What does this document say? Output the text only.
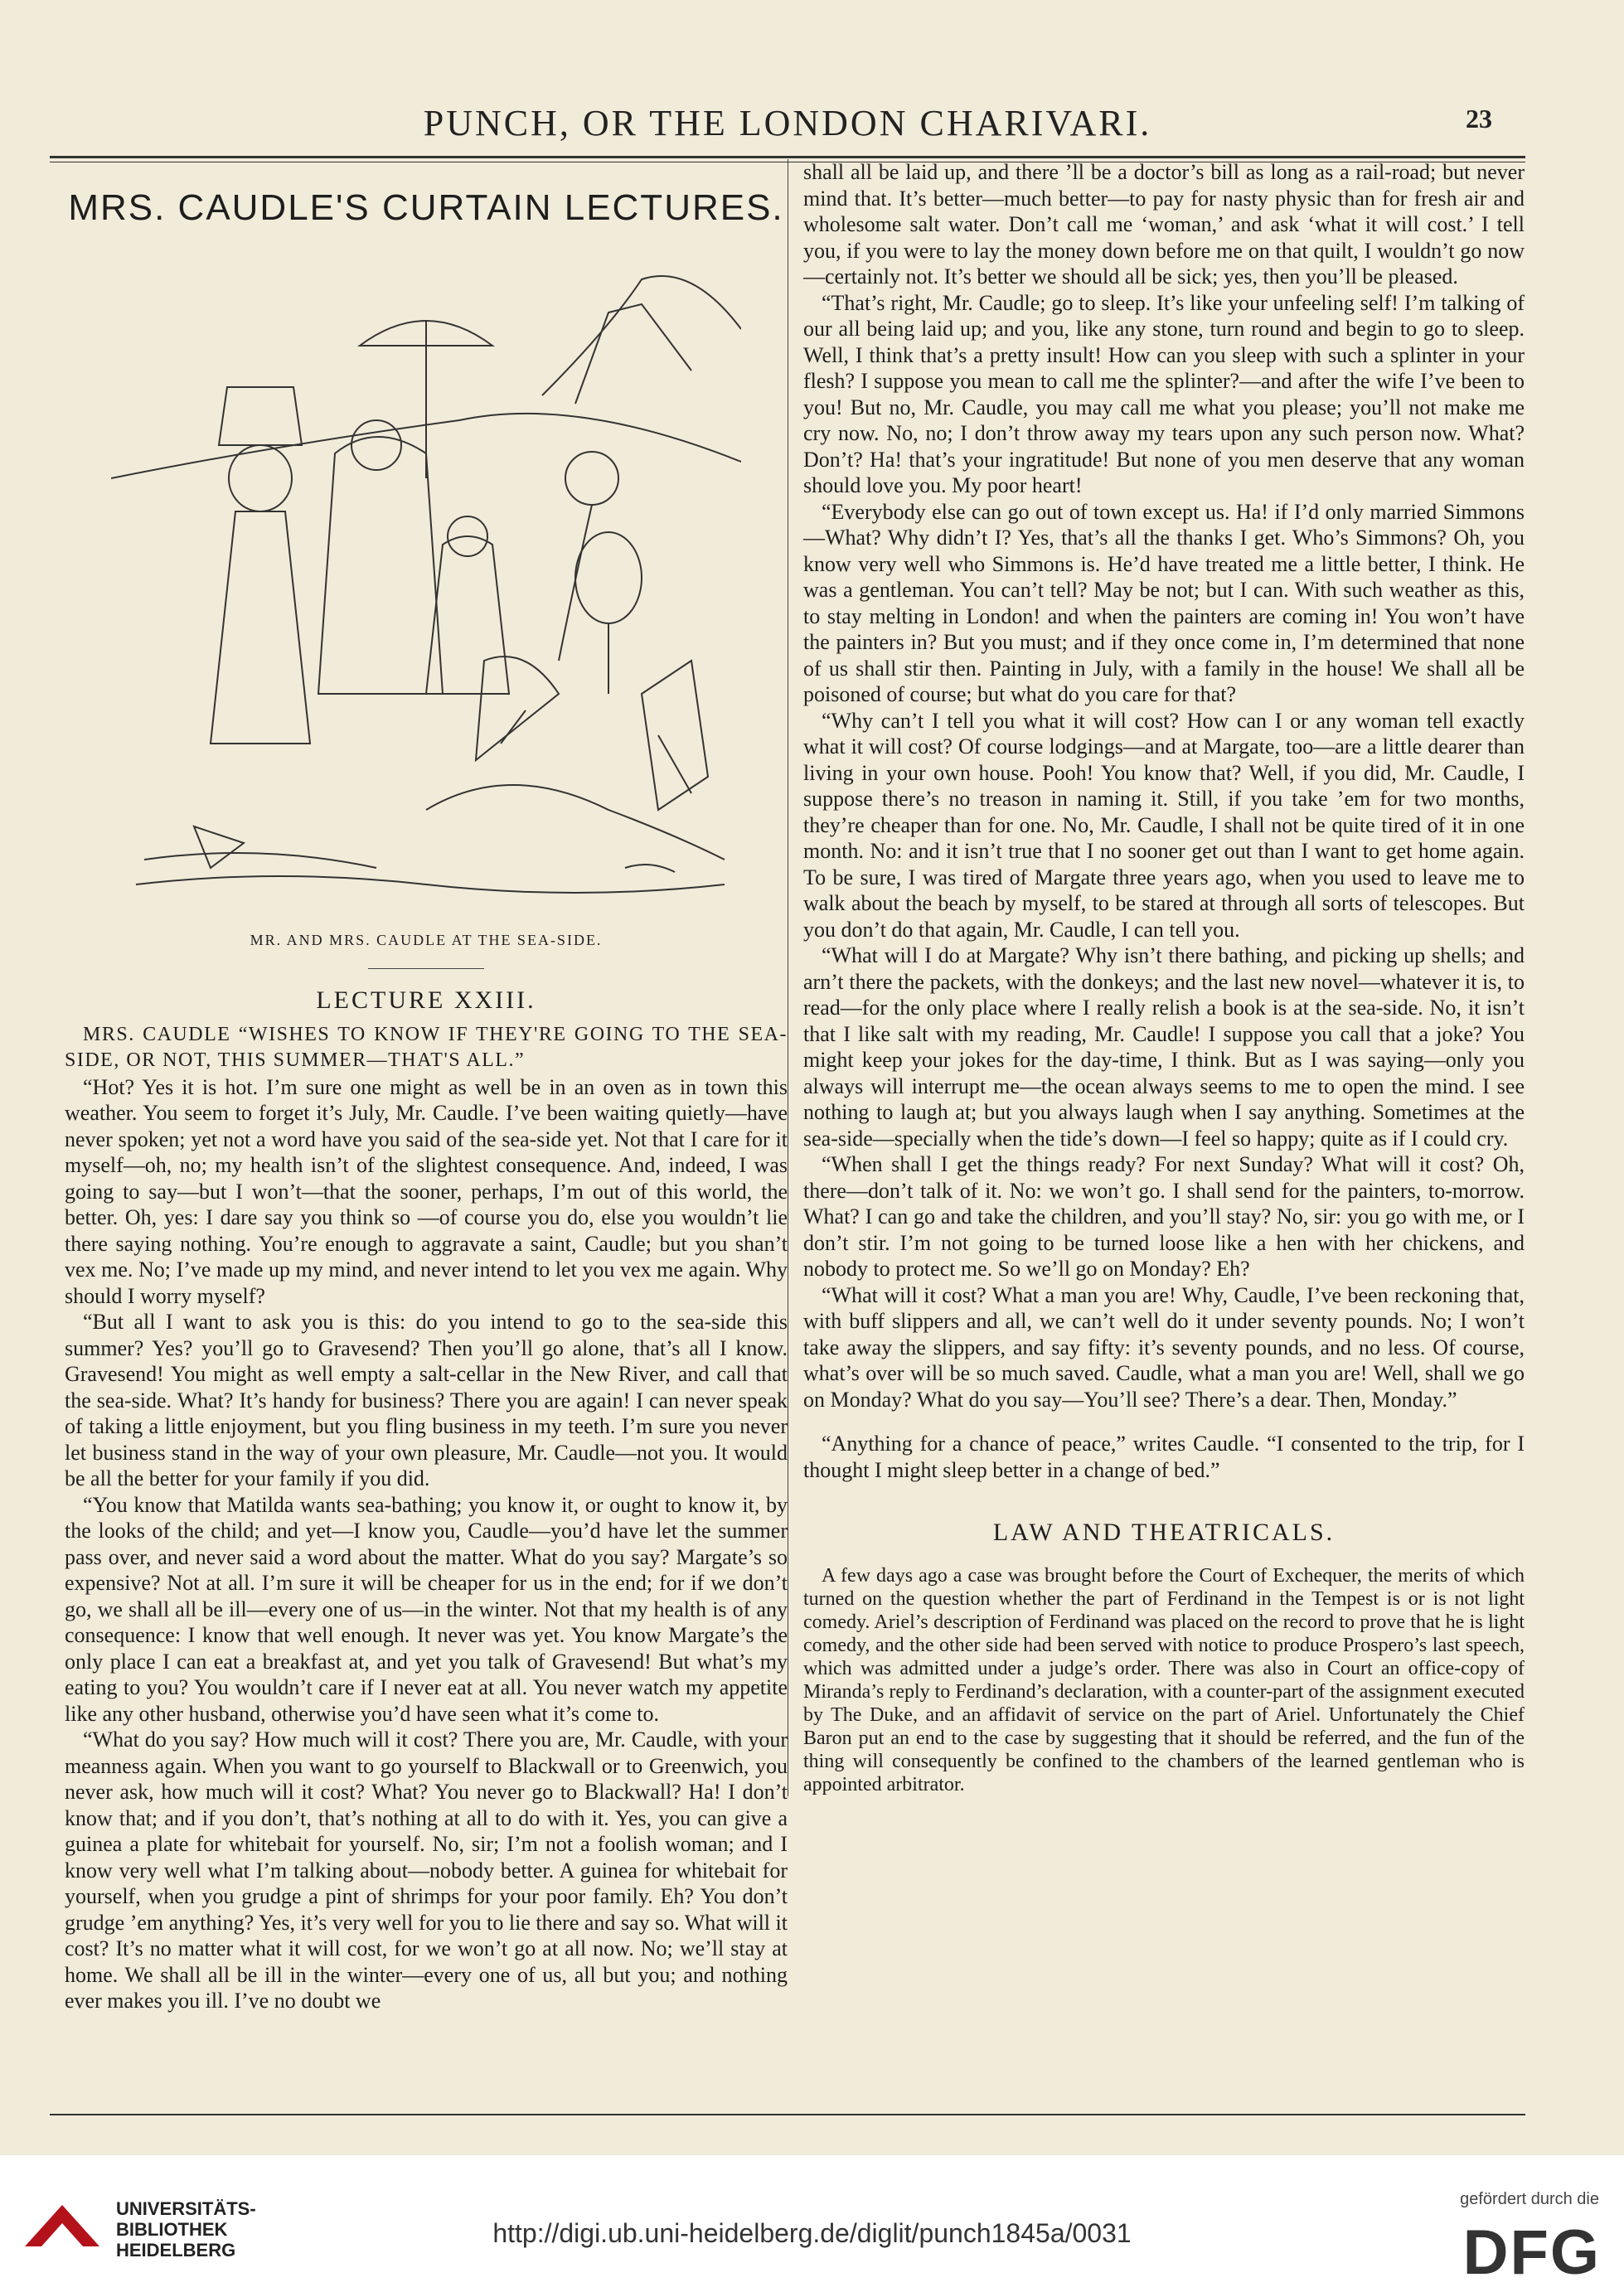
PUNCH, OR THE LONDON CHARIVARI.	23
MRS. CAUDLE'S CURTAIN LECTURES.
MR. AND MRS. CAUDLE AT THE SEA-SIDE.
LECTURE XXIII.

MRS. CAUDLE “WISHES TO KNOW IF THEY'RE GOING TO THE SEA-SIDE, OR NOT, THIS SUMMER—THAT'S ALL.”

“Hot? Yes it is hot. I’m sure one might as well be in an oven as in town this weather. You seem to forget it’s July, Mr. Caudle. I’ve been waiting quietly—have never spoken; yet not a word have you said of the sea-side yet. Not that I care for it myself—oh, no; my health isn’t of the slightest consequence. And, indeed, I was going to say—but I won’t—that the sooner, perhaps, I’m out of this world, the better. Oh, yes: I dare say you think so —of course you do, else you wouldn’t lie there saying nothing. You’re enough to aggravate a saint, Caudle; but you shan’t vex me. No; I’ve made up my mind, and never intend to let you vex me again. Why should I worry myself?

“But all I want to ask you is this: do you intend to go to the sea-side this summer? Yes? you’ll go to Gravesend? Then you’ll go alone, that’s all I know. Gravesend! You might as well empty a salt-cellar in the New River, and call that the sea-side. What? It’s handy for business? There you are again! I can never speak of taking a little enjoyment, but you fling business in my teeth. I’m sure you never let business stand in the way of your own pleasure, Mr. Caudle—not you. It would be all the better for your family if you did.

“You know that Matilda wants sea-bathing; you know it, or ought to know it, by the looks of the child; and yet—I know you, Caudle—you’d have let the summer pass over, and never said a word about the matter. What do you say? Margate’s so expensive? Not at all. I’m sure it will be cheaper for us in the end; for if we don’t go, we shall all be ill—every one of us—in the winter. Not that my health is of any consequence: I know that well enough. It never was yet. You know Margate’s the only place I can eat a breakfast at, and yet you talk of Gravesend! But what’s my eating to you? You wouldn’t care if I never eat at all. You never watch my appetite like any other husband, otherwise you’d have seen what it’s come to.

“What do you say? How much will it cost? There you are, Mr. Caudle, with your meanness again. When you want to go yourself to Blackwall or to Greenwich, you never ask, how much will it cost? What? You never go to Blackwall? Ha! I don’t know that; and if you don’t, that’s nothing at all to do with it. Yes, you can give a guinea a plate for whitebait for yourself. No, sir; I’m not a foolish woman; and I know very well what I’m talking about—nobody better. A guinea for whitebait for yourself, when you grudge a pint of shrimps for your poor family. Eh? You don’t grudge ’em anything? Yes, it’s very well for you to lie there and say so. What will it cost? It’s no matter what it will cost, for we won’t go at all now. No; we’ll stay at home. We shall all be ill in the winter—every one of us, all but you; and nothing ever makes you ill. I’ve no doubt we

shall all be laid up, and there ’ll be a doctor’s bill as long as a rail-road; but never mind that. It’s better—much better—to pay for nasty physic than for fresh air and wholesome salt water. Don’t call me ‘woman,’ and ask ‘what it will cost.’ I tell you, if you were to lay the money down before me on that quilt, I wouldn’t go now—certainly not. It’s better we should all be sick; yes, then you’ll be pleased.

“That’s right, Mr. Caudle; go to sleep. It’s like your unfeeling self! I’m talking of our all being laid up; and you, like any stone, turn round and begin to go to sleep. Well, I think that’s a pretty insult! How can you sleep with such a splinter in your flesh? I suppose you mean to call me the splinter?—and after the wife I’ve been to you! But no, Mr. Caudle, you may call me what you please; you’ll not make me cry now. No, no; I don’t throw away my tears upon any such person now. What? Don’t? Ha! that’s your ingratitude! But none of you men deserve that any woman should love you. My poor heart!

“Everybody else can go out of town except us. Ha! if I’d only married Simmons—What? Why didn’t I? Yes, that’s all the thanks I get. Who’s Simmons? Oh, you know very well who Simmons is. He’d have treated me a little better, I think. He was a gentleman. You can’t tell? May be not; but I can. With such weather as this, to stay melting in London! and when the painters are coming in! You won’t have the painters in? But you must; and if they once come in, I’m determined that none of us shall stir then. Painting in July, with a family in the house! We shall all be poisoned of course; but what do you care for that?

“Why can’t I tell you what it will cost? How can I or any woman tell exactly what it will cost? Of course lodgings—and at Margate, too—are a little dearer than living in your own house. Pooh! You know that? Well, if you did, Mr. Caudle, I suppose there’s no treason in naming it. Still, if you take ’em for two months, they’re cheaper than for one. No, Mr. Caudle, I shall not be quite tired of it in one month. No: and it isn’t true that I no sooner get out than I want to get home again. To be sure, I was tired of Margate three years ago, when you used to leave me to walk about the beach by myself, to be stared at through all sorts of telescopes. But you don’t do that again, Mr. Caudle, I can tell you.

“What will I do at Margate? Why isn’t there bathing, and picking up shells; and arn’t there the packets, with the donkeys; and the last new novel—whatever it is, to read—for the only place where I really relish a book is at the sea-side. No, it isn’t that I like salt with my reading, Mr. Caudle! I suppose you call that a joke? You might keep your jokes for the day-time, I think. But as I was saying—only you always will interrupt me—the ocean always seems to me to open the mind. I see nothing to laugh at; but you always laugh when I say anything. Sometimes at the sea-side—specially when the tide’s down—I feel so happy; quite as if I could cry.

“When shall I get the things ready? For next Sunday? What will it cost? Oh, there—don’t talk of it. No: we won’t go. I shall send for the painters, to-morrow. What? I can go and take the children, and you’ll stay? No, sir: you go with me, or I don’t stir. I’m not going to be turned loose like a hen with her chickens, and nobody to protect me. So we’ll go on Monday? Eh?

“What will it cost? What a man you are! Why, Caudle, I’ve been reckoning that, with buff slippers and all, we can’t well do it under seventy pounds. No; I won’t take away the slippers, and say fifty: it’s seventy pounds, and no less. Of course, what’s over will be so much saved. Caudle, what a man you are! Well, shall we go on Monday? What do you say—You’ll see? There’s a dear. Then, Monday.”

“Anything for a chance of peace,” writes Caudle. “I consented to the trip, for I thought I might sleep better in a change of bed.”

LAW AND THEATRICALS.

A few days ago a case was brought before the Court of Exchequer, the merits of which turned on the question whether the part of Ferdinand in the Tempest is or is not light comedy. Ariel’s description of Ferdinand was placed on the record to prove that he is light comedy, and the other side had been served with notice to produce Prospero’s last speech, which was admitted under a judge’s order. There was also in Court an office-copy of Miranda’s reply to Ferdinand’s declaration, with a counter-part of the assignment executed by The Duke, and an affidavit of service on the part of Ariel. Unfortunately the Chief Baron put an end to the case by suggesting that it should be referred, and the fun of the thing will consequently be confined to the chambers of the learned gentleman who is appointed arbitrator.

UNIVERSITÄTS-
BIBLIOTHEK
HEIDELBERG
http://digi.ub.uni-heidelberg.de/diglit/punch1845a/0031
gefördert durch die
DFG
